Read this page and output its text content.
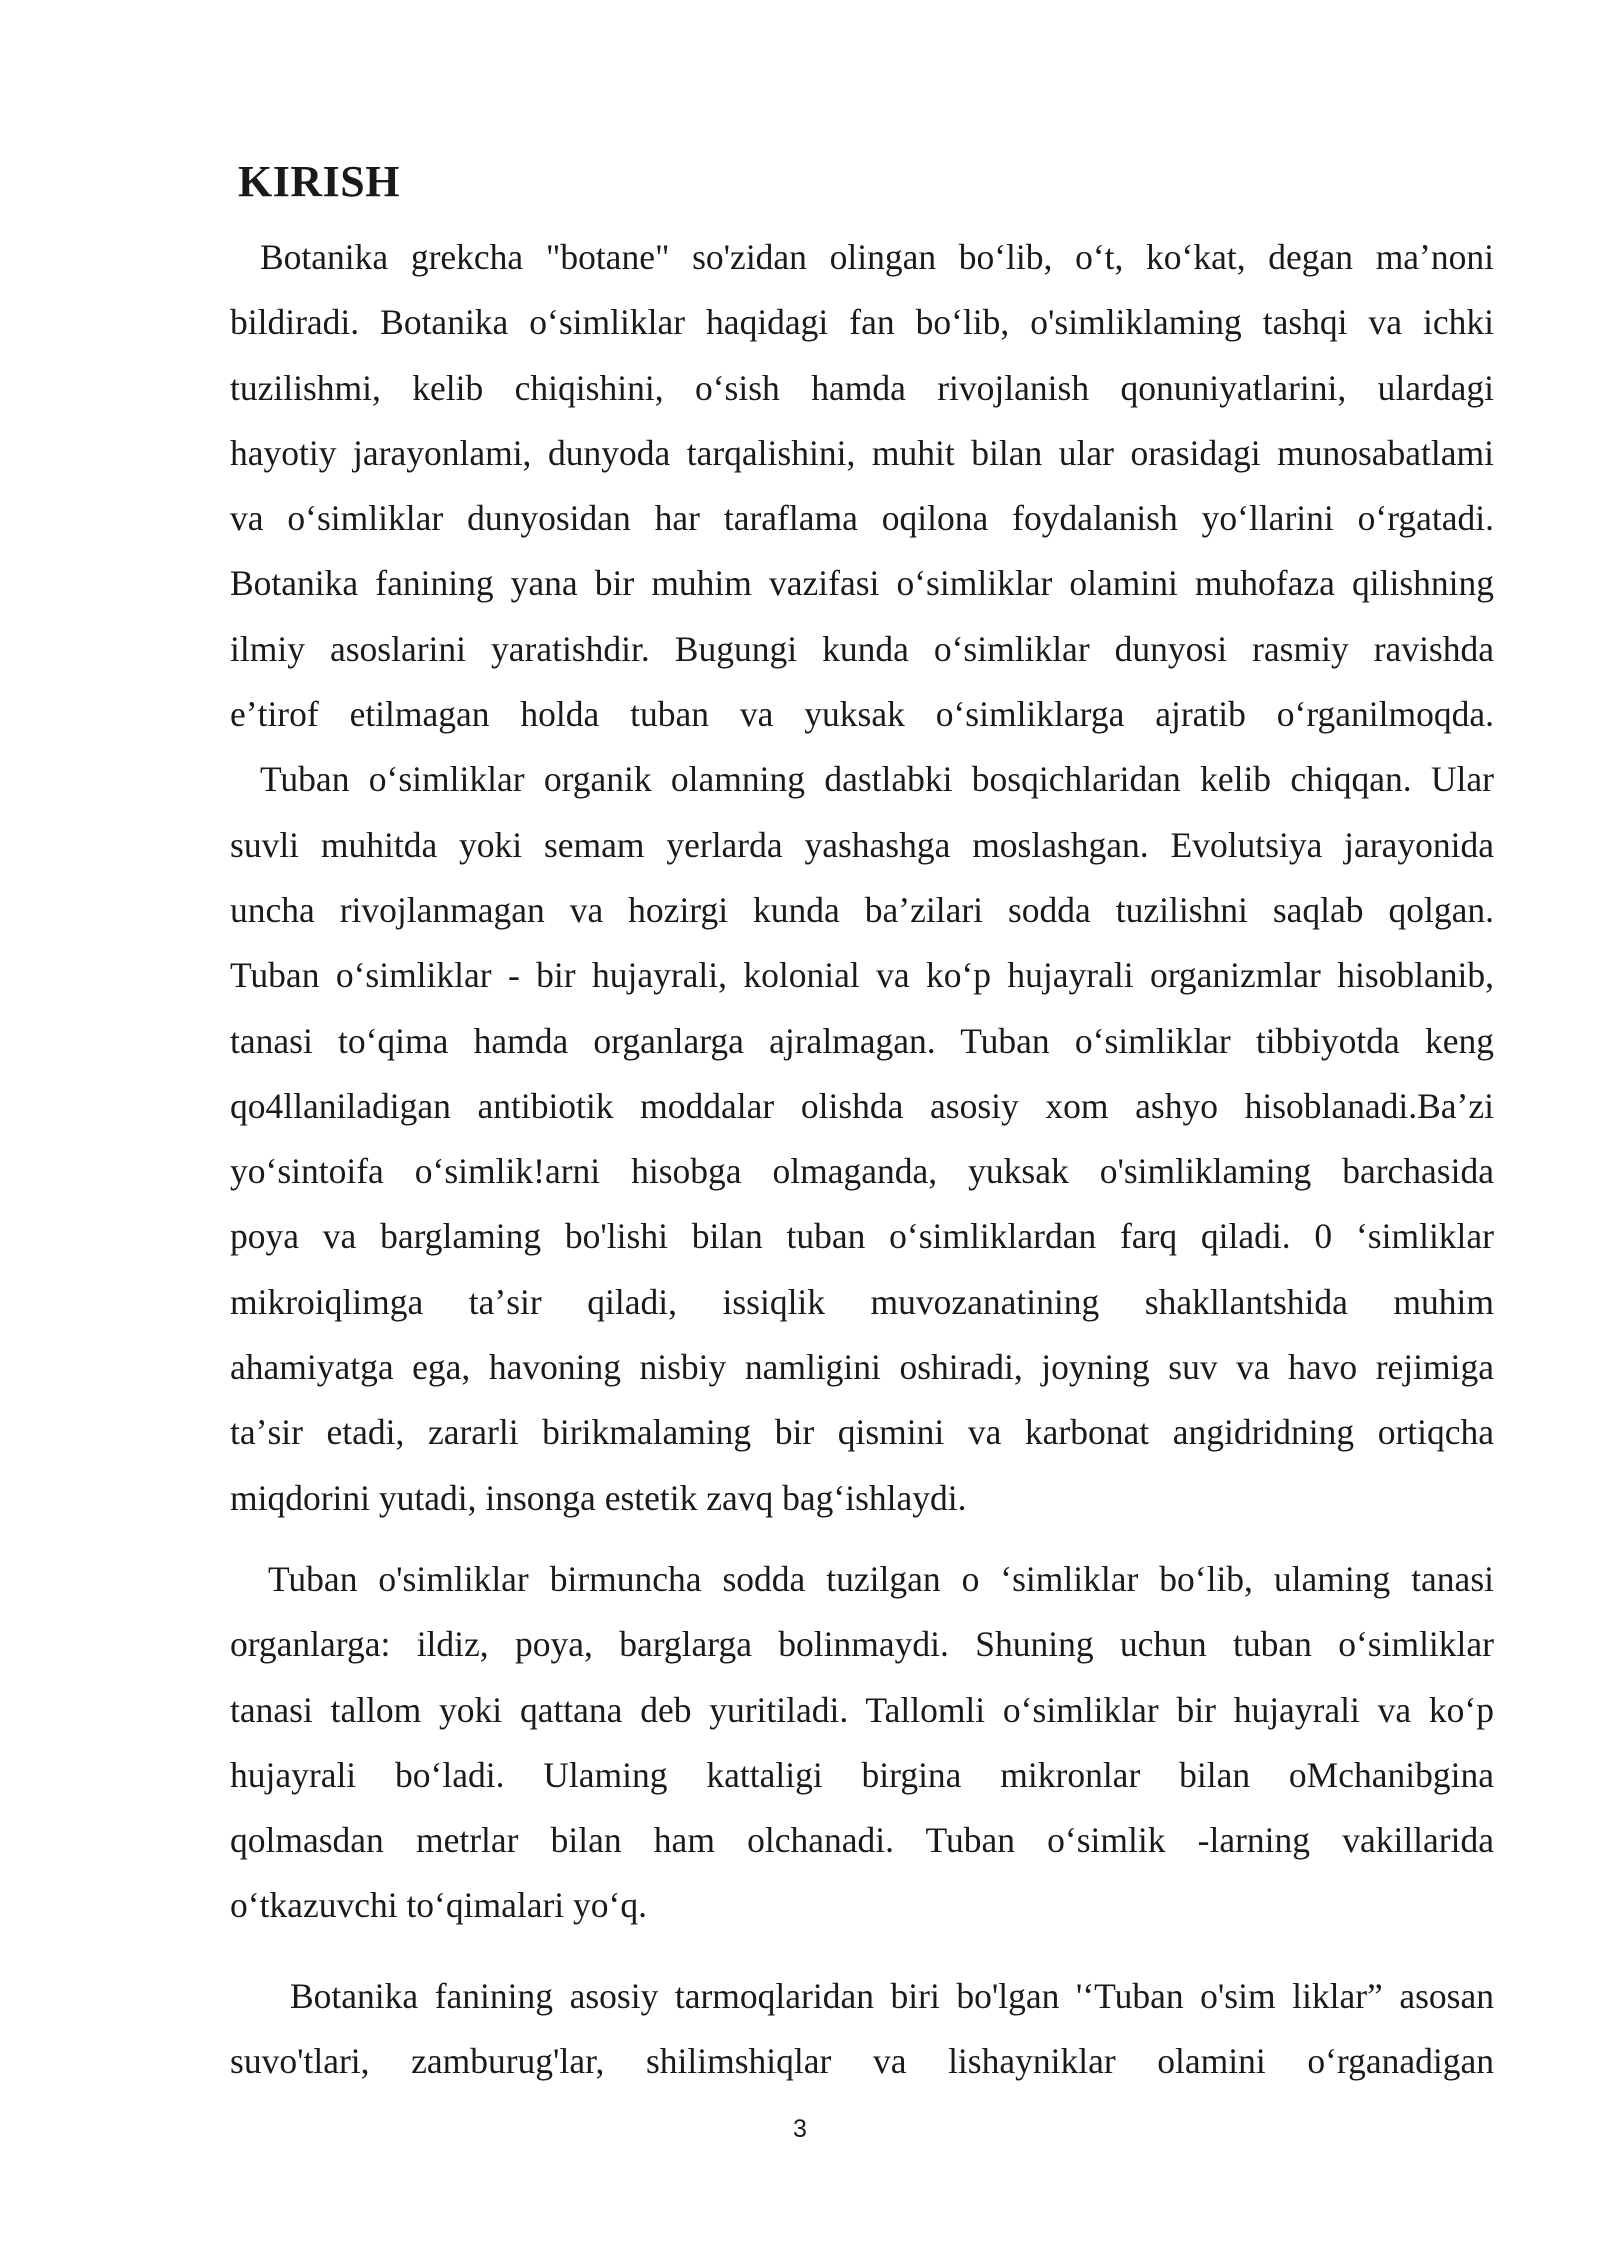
KIRISH

Botanika grekcha "botane" so'zidan olingan boʻlib, oʻt, koʻkat, degan maʼnoni
bildiradi. Botanika oʻsimliklar haqidagi fan boʻlib, o'simliklaming tashqi va ichki
tuzilishmi, kelib chiqishini, oʻsish hamda rivojlanish qonuniyatlarini, ulardagi
hayotiy jarayonlami, dunyoda tarqalishini, muhit bilan ular orasidagi munosabatlami
va oʻsimliklar dunyosidan har taraflama oqilona foydalanish yoʻllarini oʻrgatadi.
Botanika fanining yana bir muhim vazifasi oʻsimliklar olamini muhofaza qilishning
ilmiy asoslarini yaratishdir. Bugungi kunda oʻsimliklar dunyosi rasmiy ravishda
eʼtirof etilmagan holda tuban va yuksak oʻsimliklarga ajratib oʻrganilmoqda.
Tuban oʻsimliklar organik olamning dastlabki bosqichlaridan kelib chiqqan. Ular
suvli muhitda yoki semam yerlarda yashashga moslashgan. Evolutsiya jarayonida
uncha rivojlanmagan va hozirgi kunda baʼzilari sodda tuzilishni saqlab qolgan.
Tuban oʻsimliklar - bir hujayrali, kolonial va koʻp hujayrali organizmlar hisoblanib,
tanasi toʻqima hamda organlarga ajralmagan. Tuban oʻsimliklar tibbiyotda keng
qo4llaniladigan antibiotik moddalar olishda asosiy xom ashyo hisoblanadi.Baʼzi
yoʻsintoifa oʻsimlik!arni hisobga olmaganda, yuksak o'simliklaming barchasida
poya va barglaming bo'lishi bilan tuban oʻsimliklardan farq qiladi. 0 ʻsimliklar
mikroiqlimga taʼsir qiladi, issiqlik muvozanatining shakllantshida muhim
ahamiyatga ega, havoning nisbiy namligini oshiradi, joyning suv va havo rejimiga
taʼsir etadi, zararli birikmalaming bir qismini va karbonat angidridning ortiqcha
miqdorini yutadi, insonga estetik zavq bagʻishlaydi.

Tuban o'simliklar birmuncha sodda tuzilgan o ʻsimliklar boʻlib, ulaming tanasi
organlarga: ildiz, poya, barglarga bolinmaydi. Shuning uchun tuban oʻsimliklar
tanasi tallom yoki qattana deb yuritiladi. Tallomli oʻsimliklar bir hujayrali va koʻp
hujayrali boʻladi. Ulaming kattaligi birgina mikronlar bilan oMchanibgina
qolmasdan metrlar bilan ham olchanadi. Tuban oʻsimlik -larning vakillarida
oʻtkazuvchi toʻqimalari yoʻq.

Botanika fanining asosiy tarmoqlaridan biri bo'lgan 'ʻTuban o'sim liklar” asosan
suvo'tlari, zamburug'lar, shilimshiqlar va lishayniklar olamini oʻrganadigan

3
